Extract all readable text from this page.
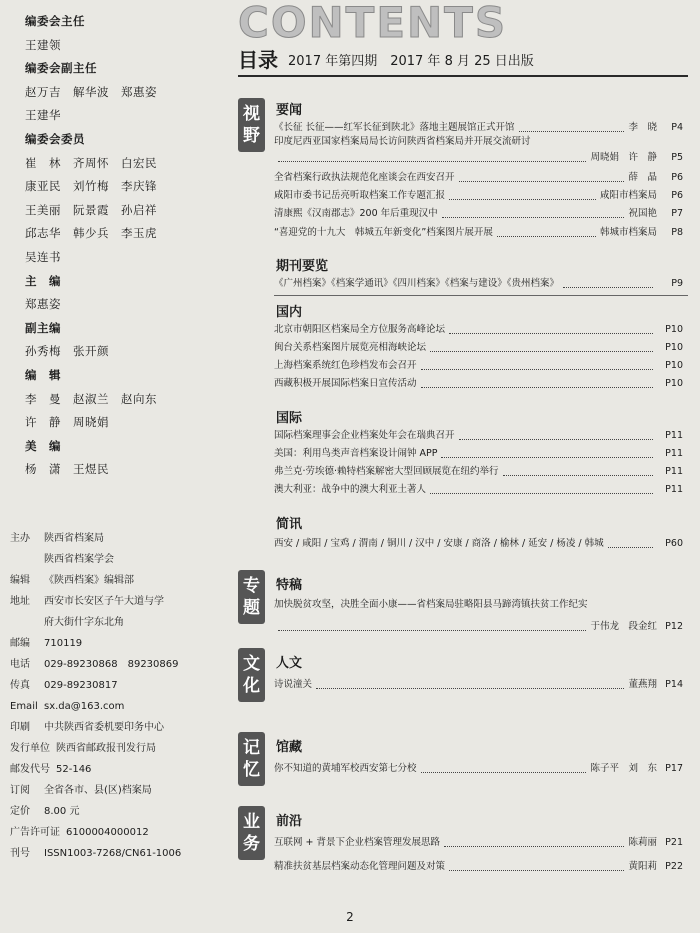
编委会主任
王建领
编委会副主任
赵万吉　解华波　郑惠姿
王建华
编委会委员
崔　林　齐周怀　白宏民
康亚民　刘竹梅　李庆锋
王美丽　阮景霞　孙启祥
邱志华　韩少兵　李玉虎
吴连书
主　编
郑惠姿
副主编
孙秀梅　张开颜
编　辑
李　曼　赵淑兰　赵向东
许　静　周晓娟
美　编
杨　潇　王煜民
主办	陕西省档案局
陕西省档案学会
编辑	《陕西档案》编辑部
地址	西安市长安区子午大道与学
府大街什字东北角
邮编	710119
电话	029-89230868　89230869
传真	029-89230817
Email sx.da@163.com
印刷	中共陕西省委机要印务中心
发行单位 陕西省邮政报刊发行局
邮发代号 52-146
订阅	全省各市、县(区)档案局
定价	8.00 元
广告许可证 6100004000012
刊号	ISSN1003-7268/CN61-1006
CONTENTS
目录 2017 年第四期　2017 年 8 月 25 日出版
视
野
要闻
《长征 长征——红军长征到陕北》落地主题展馆正式开馆	李　晓	P4
印度尼西亚国家档案局局长访问陕西省档案局并开展交流研讨
周晓娟　许　静	P5
全省档案行政执法规范化座谈会在西安召开	薛　晶	P6
咸阳市委书记岳亮听取档案工作专题汇报	咸阳市档案局	P6
清康熙《汉南郡志》200 年后重现汉中	祝国艳	P7
“喜迎党的十九大　韩城五年新变化”档案图片展开展	韩城市档案局	P8
期刊要览
《广州档案》《档案学通讯》《四川档案》《档案与建设》《贵州档案》	P9
国内
北京市朝阳区档案局全方位服务高峰论坛	P10
闽台关系档案图片展览亮相海峡论坛	P10
上海档案系统红色珍档发布会召开	P10
西藏积极开展国际档案日宣传活动	P10
国际
国际档案理事会企业档案处年会在瑞典召开	P11
美国：利用鸟类声音档案设计闹钟 APP	P11
弗兰克·劳埃德·赖特档案解密大型回顾展览在纽约举行	P11
澳大利亚：战争中的澳大利亚土著人	P11
简讯
西安 / 咸阳 / 宝鸡 / 渭南 / 铜川 / 汉中 / 安康 / 商洛 / 榆林 / 延安 / 杨凌 / 韩城	P60
专
题
特稿
加快脱贫攻坚，决胜全面小康——省档案局驻略阳县马蹄湾镇扶贫工作纪实
于伟龙　段金红 P12
文
化
人文
诗说潼关	董燕翔 P14
记
忆
馆藏
你不知道的黄埔军校西安第七分校	陈子平　刘　东 P17
业
务
前沿
互联网 + 背景下企业档案管理发展思路	陈莉丽 P21
精准扶贫基层档案动态化管理问题及对策	黄阳莉 P22
2
